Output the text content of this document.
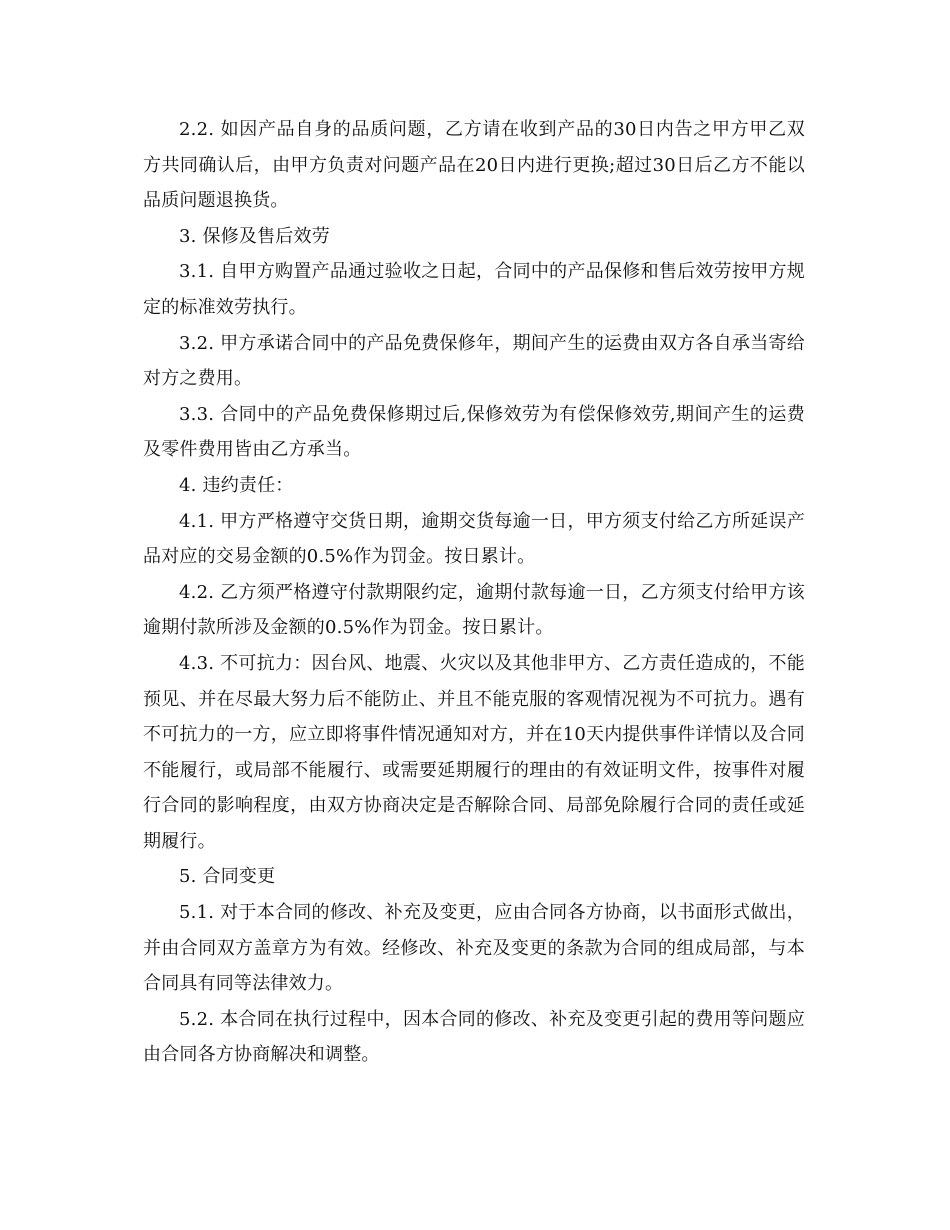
2.2. 如因产品自身的品质问题，乙方请在收到产品的30日内告之甲方甲乙双方共同确认后，由甲方负责对问题产品在20日内进行更换;超过30日后乙方不能以品质问题退换货。

3. 保修及售后效劳

3.1. 自甲方购置产品通过验收之日起，合同中的产品保修和售后效劳按甲方规定的标准效劳执行。

3.2. 甲方承诺合同中的产品免费保修年，期间产生的运费由双方各自承当寄给对方之费用。

3.3. 合同中的产品免费保修期过后,保修效劳为有偿保修效劳,期间产生的运费及零件费用皆由乙方承当。

4. 违约责任：

4.1. 甲方严格遵守交货日期，逾期交货每逾一日，甲方须支付给乙方所延误产品对应的交易金额的0.5%作为罚金。按日累计。

4.2. 乙方须严格遵守付款期限约定，逾期付款每逾一日，乙方须支付给甲方该逾期付款所涉及金额的0.5%作为罚金。按日累计。

4.3. 不可抗力：因台风、地震、火灾以及其他非甲方、乙方责任造成的，不能预见、并在尽最大努力后不能防止、并且不能克服的客观情况视为不可抗力。遇有不可抗力的一方，应立即将事件情况通知对方，并在10天内提供事件详情以及合同不能履行，或局部不能履行、或需要延期履行的理由的有效证明文件，按事件对履行合同的影响程度，由双方协商决定是否解除合同、局部免除履行合同的责任或延期履行。

5. 合同变更

5.1. 对于本合同的修改、补充及变更，应由合同各方协商，以书面形式做出，并由合同双方盖章方为有效。经修改、补充及变更的条款为合同的组成局部，与本合同具有同等法律效力。

5.2. 本合同在执行过程中，因本合同的修改、补充及变更引起的费用等问题应由合同各方协商解决和调整。
